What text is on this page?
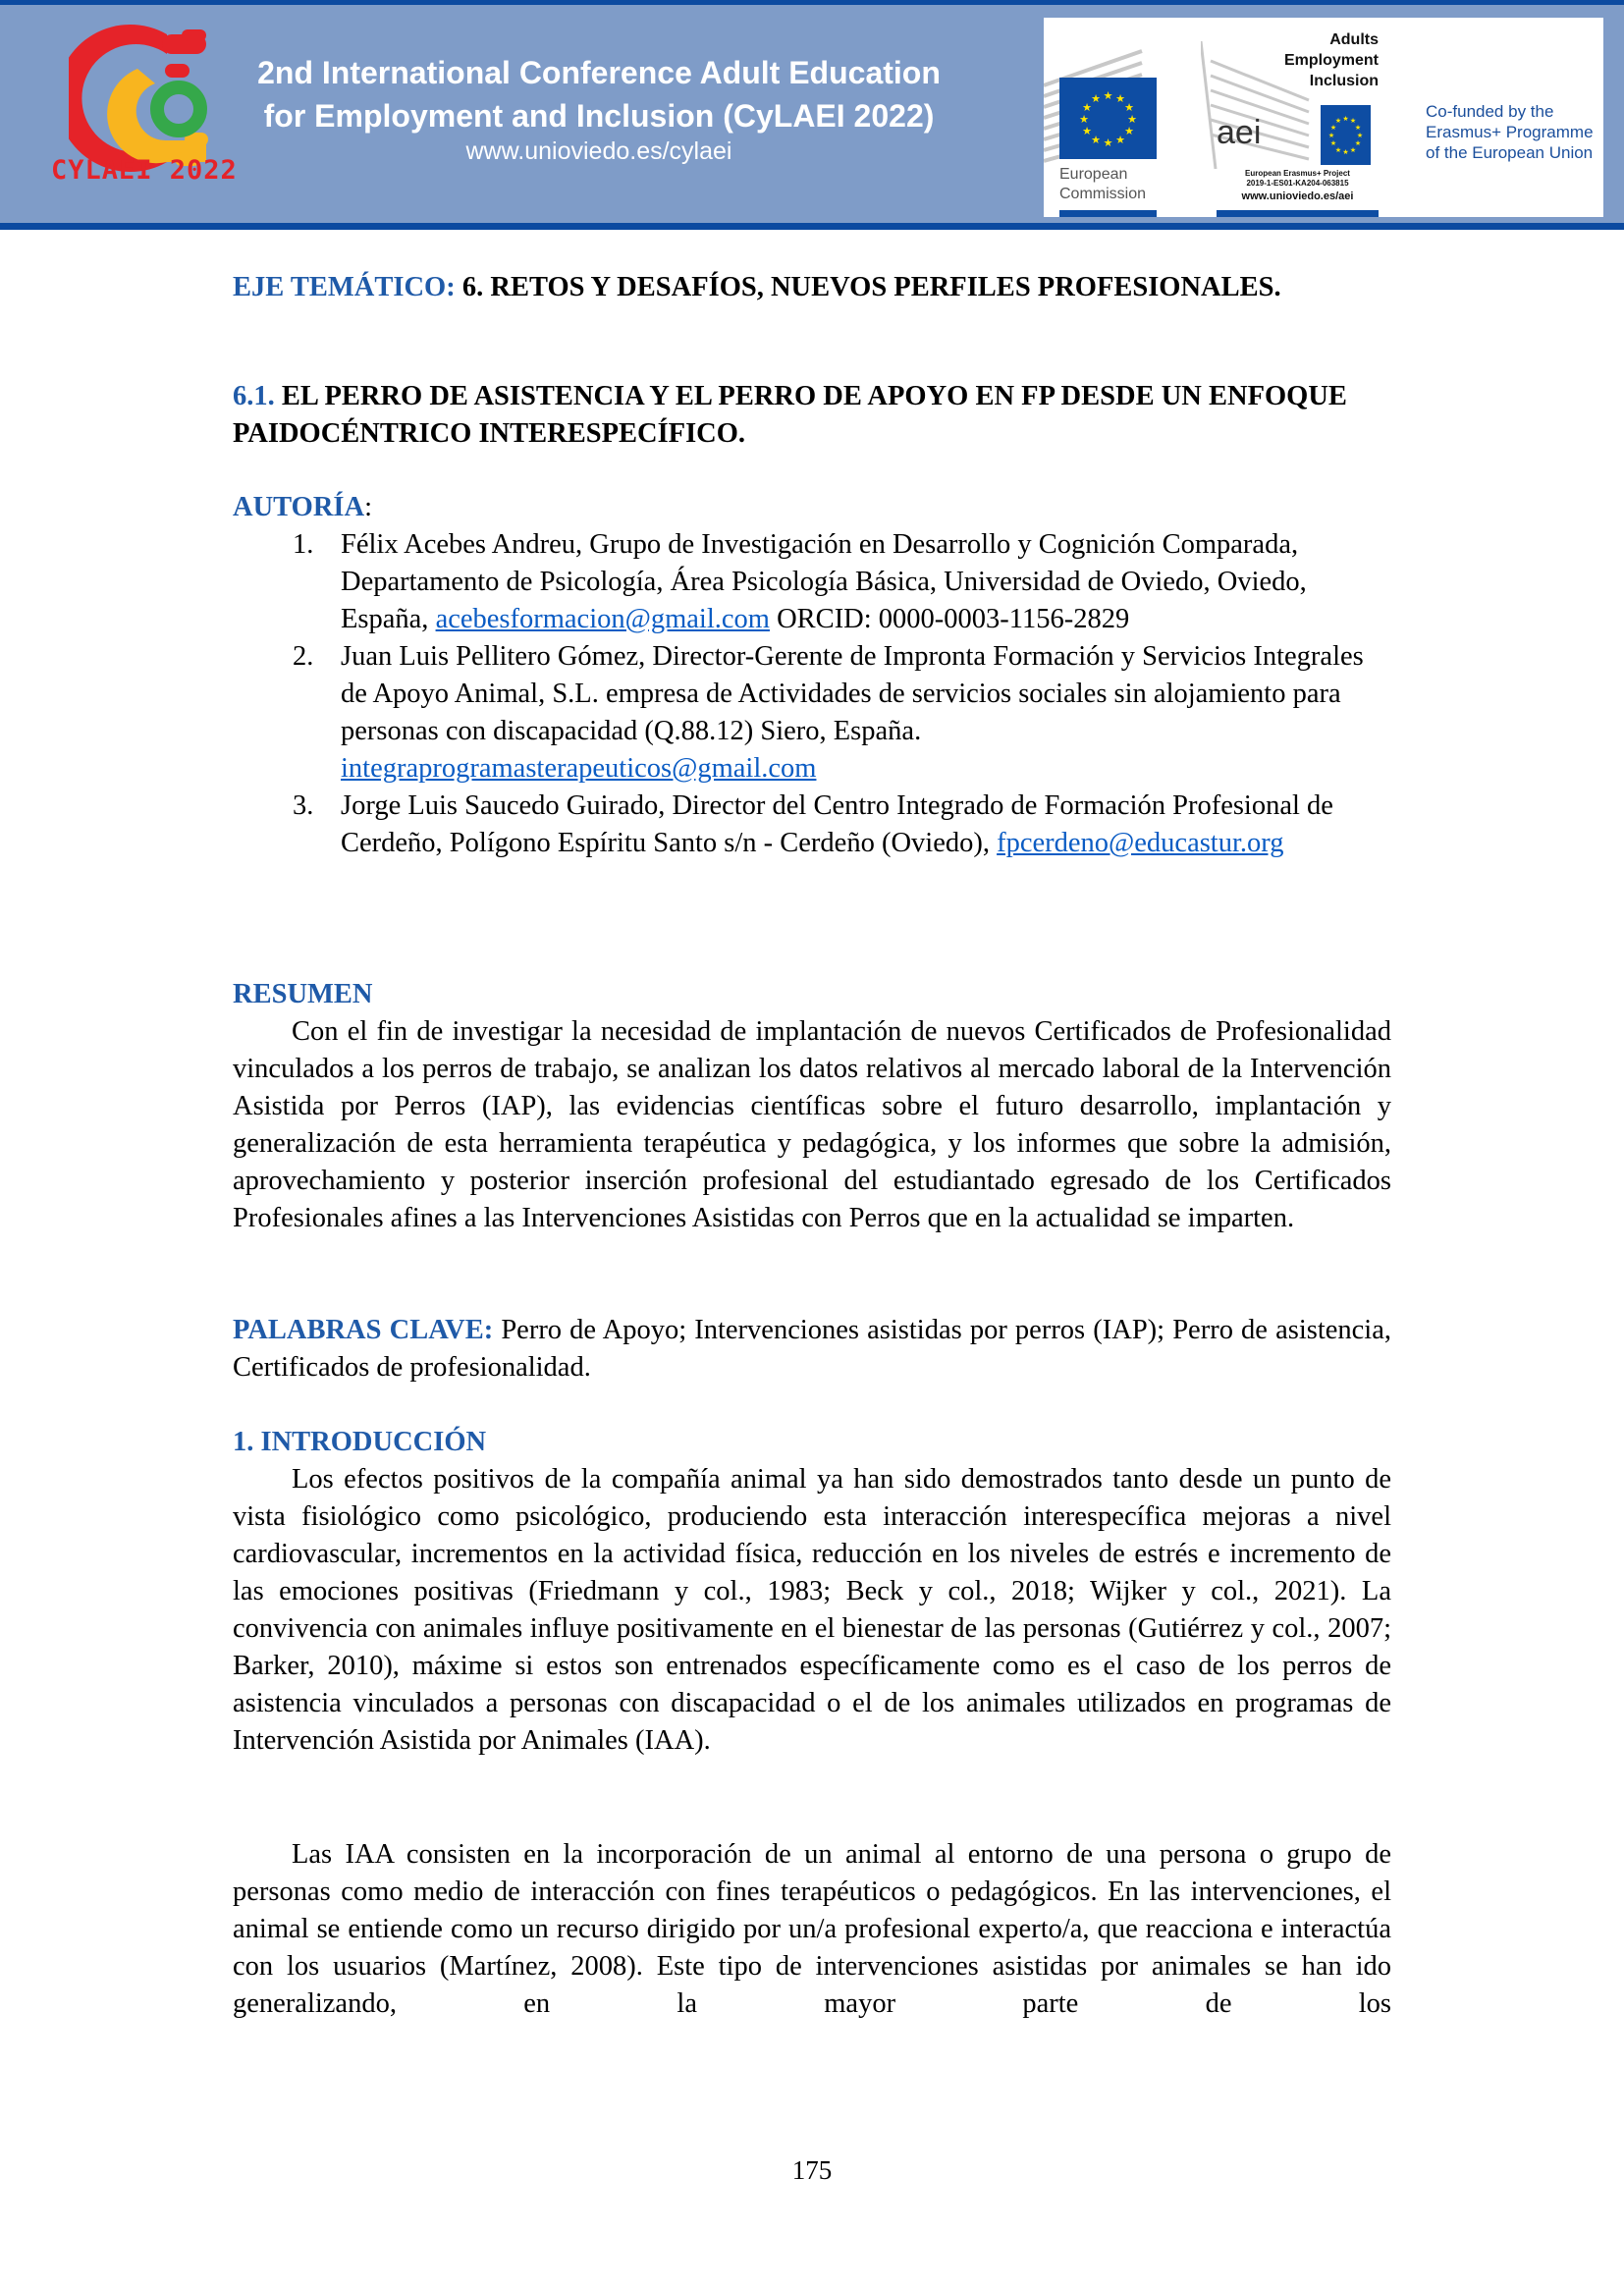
CYLAEI 2022
2nd International Conference Adult Education
for Employment and Inclusion (CyLAEI 2022)
www.unioviedo.es/cylaei
★ ★
★
★
★
★
★
★
★
★
★
★
European
Commission
Adults
Employment
Inclusion
aei	★ ★
★
★
★
★
★
★
★
★
★
★
European Erasmus+ Project
2019-1-ES01-KA204-063815
www.unioviedo.es/aei
Co-funded by the
Erasmus+ Programme
of the European Union

EJE TEMÁTICO: 6. RETOS Y DESAFÍOS, NUEVOS PERFILES PROFESIONALES.

6.1. EL PERRO DE ASISTENCIA Y EL PERRO DE APOYO EN FP DESDE UN ENFOQUE PAIDOCÉNTRICO INTERESPECÍFICO.

AUTORÍA:

1. Félix Acebes Andreu, Grupo de Investigación en Desarrollo y Cognición Comparada, Departamento de Psicología, Área Psicología Básica, Universidad de Oviedo, Oviedo, España, acebesformacion@gmail.com ORCID: 0000-0003-1156-2829
2. Juan Luis Pellitero Gómez, Director-Gerente de Impronta Formación y Servicios Integrales de Apoyo Animal, S.L. empresa de Actividades de servicios sociales sin alojamiento para personas con discapacidad (Q.88.12) Siero, España. integraprogramasterapeuticos@gmail.com
3. Jorge Luis Saucedo Guirado, Director del Centro Integrado de Formación Profesional de Cerdeño, Polígono Espíritu Santo s/n - Cerdeño (Oviedo), fpcerdeno@educastur.org

RESUMEN

Con el fin de investigar la necesidad de implantación de nuevos Certificados de Profesionalidad vinculados a los perros de trabajo, se analizan los datos relativos al mercado laboral de la Intervención Asistida por Perros (IAP), las evidencias científicas sobre el futuro desarrollo, implantación y generalización de esta herramienta terapéutica y pedagógica, y los informes que sobre la admisión, aprovechamiento y posterior inserción profesional del estudiantado egresado de los Certificados Profesionales afines a las Intervenciones Asistidas con Perros que en la actualidad se imparten.

PALABRAS CLAVE: Perro de Apoyo; Intervenciones asistidas por perros (IAP); Perro de asistencia, Certificados de profesionalidad.

1. INTRODUCCIÓN

Los efectos positivos de la compañía animal ya han sido demostrados tanto desde un punto de vista fisiológico como psicológico, produciendo esta interacción interespecífica mejoras a nivel cardiovascular, incrementos en la actividad física, reducción en los niveles de estrés e incremento de las emociones positivas (Friedmann y col., 1983; Beck y col., 2018; Wijker y col., 2021). La convivencia con animales influye positivamente en el bienestar de las personas (Gutiérrez y col., 2007; Barker, 2010), máxime si estos son entrenados específicamente como es el caso de los perros de asistencia vinculados a personas con discapacidad o el de los animales utilizados en programas de Intervención Asistida por Animales (IAA).

Las IAA consisten en la incorporación de un animal al entorno de una persona o grupo de personas como medio de interacción con fines terapéuticos o pedagógicos. En las intervenciones, el animal se entiende como un recurso dirigido por un/a profesional experto/a, que reacciona e interactúa con los usuarios (Martínez, 2008). Este tipo de intervenciones asistidas por animales se han ido generalizando, en la mayor parte de los

175
